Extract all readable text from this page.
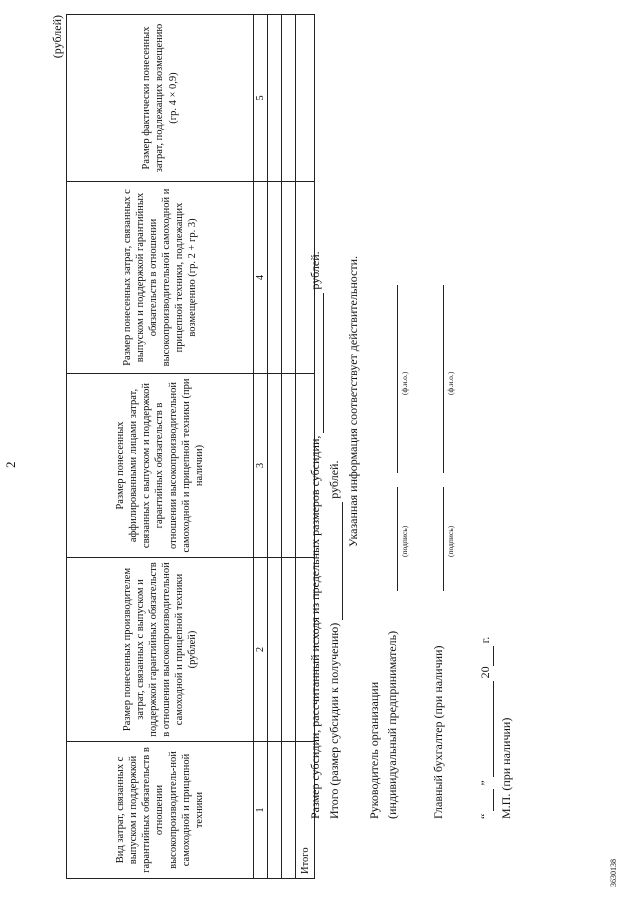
2
(рублей)
Вид затрат, связанных с выпуском и поддержкой гарантийных обязательств в отношении высокопроизводитель-ной самоходной и прицепной техники	Размер понесенных производителем затрат, связанных с выпуском и поддержкой гарантийных обязательств в отношении высокопроизводительной самоходной и прицепной техники (рублей)	Размер понесенных аффилированными лицами затрат, связанных с выпуском и поддержкой гарантийных обязательств в отношении высокопроизводительной самоходной и прицепной техники (при наличии)	Размер понесенных затрат, связанных с выпуском и поддержкой гарантийных обязательств в отношении высокопроизводительной самоходной и прицепной техники, подлежащих возмещению (гр. 2 + гр. 3)	Размер фактически понесенных затрат, подлежащих возмещению (гр. 4 × 0,9)
1	2	3	4	5

Итого				
Размер субсидии, рассчитанный исходя из предельных размеров субсидии,   рублей.
Итого (размер субсидии к получению)   рублей. Указанная информация соответствует действительности.
Руководитель организации (индивидуальный предприниматель)
(подпись)
(ф.и.о.)
Главный бухгалтер (при наличии)
(подпись)
(ф.и.о.)
“   ”   20  г.
М.П. (при наличии)
3630138
